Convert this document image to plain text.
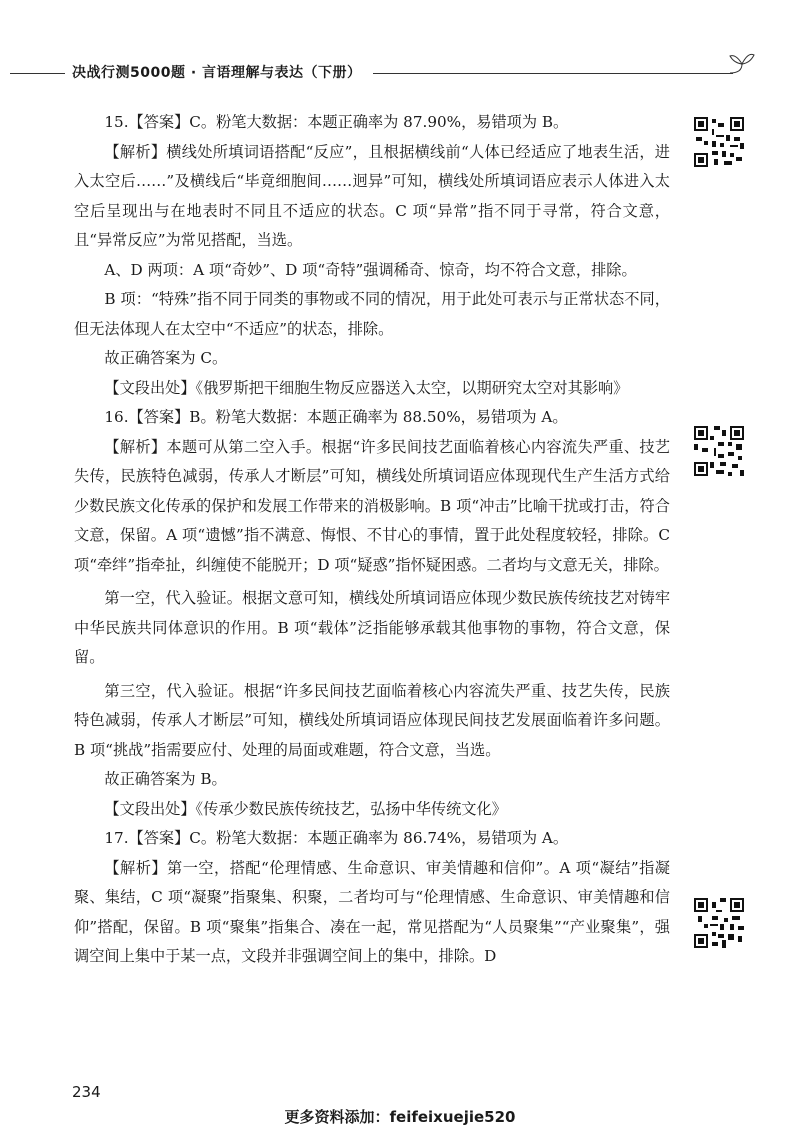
决战行测5000题 · 言语理解与表达（下册）

15.【答案】C。粉笔大数据：本题正确率为 87.90%，易错项为 B。

【解析】横线处所填词语搭配“反应”，且根据横线前“人体已经适应了地表生活，进入太空后……”及横线后“毕竟细胞间……迥异”可知，横线处所填词语应表示人体进入太空后呈现出与在地表时不同且不适应的状态。C 项“异常”指不同于寻常，符合文意，且“异常反应”为常见搭配，当选。

A、D 两项：A 项“奇妙”、D 项“奇特”强调稀奇、惊奇，均不符合文意，排除。

B 项：“特殊”指不同于同类的事物或不同的情况，用于此处可表示与正常状态不同，但无法体现人在太空中“不适应”的状态，排除。

故正确答案为 C。

【文段出处】《俄罗斯把干细胞生物反应器送入太空，以期研究太空对其影响》

16.【答案】B。粉笔大数据：本题正确率为 88.50%，易错项为 A。

【解析】本题可从第二空入手。根据“许多民间技艺面临着核心内容流失严重、技艺失传，民族特色减弱，传承人才断层”可知，横线处所填词语应体现现代生产生活方式给少数民族文化传承的保护和发展工作带来的消极影响。B 项“冲击”比喻干扰或打击，符合文意，保留。A 项“遗憾”指不满意、悔恨、不甘心的事情，置于此处程度较轻，排除。C 项“牵绊”指牵扯，纠缠使不能脱开；D 项“疑惑”指怀疑困惑。二者均与文意无关，排除。

第一空，代入验证。根据文意可知，横线处所填词语应体现少数民族传统技艺对铸牢中华民族共同体意识的作用。B 项“载体”泛指能够承载其他事物的事物，符合文意，保留。

第三空，代入验证。根据“许多民间技艺面临着核心内容流失严重、技艺失传，民族特色减弱，传承人才断层”可知，横线处所填词语应体现民间技艺发展面临着许多问题。B 项“挑战”指需要应付、处理的局面或难题，符合文意，当选。

故正确答案为 B。

【文段出处】《传承少数民族传统技艺，弘扬中华传统文化》

17.【答案】C。粉笔大数据：本题正确率为 86.74%，易错项为 A。

【解析】第一空，搭配“伦理情感、生命意识、审美情趣和信仰”。A 项“凝结”指凝聚、集结，C 项“凝聚”指聚集、积聚，二者均可与“伦理情感、生命意识、审美情趣和信仰”搭配，保留。B 项“聚集”指集合、凑在一起，常见搭配为“人员聚集”“产业聚集”，强调空间上集中于某一点，文段并非强调空间上的集中，排除。D

234
更多资料添加：feifeixuejie520
